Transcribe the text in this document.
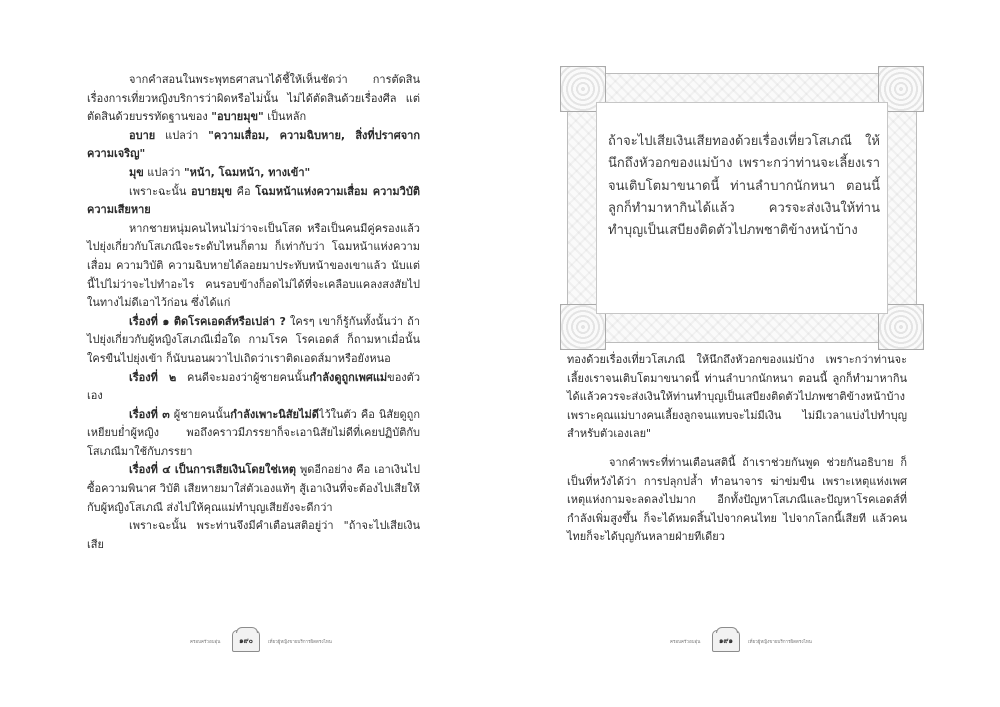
จากคำสอนในพระพุทธศาสนาได้ชี้ให้เห็นชัดว่า การตัดสินเรื่องการเที่ยวหญิงบริการว่าผิดหรือไม่นั้น ไม่ได้ตัดสินด้วยเรื่องศีล แต่ตัดสินด้วยบรรทัดฐานของ "อบายมุข" เป็นหลัก

อบาย แปลว่า "ความเสื่อม, ความฉิบหาย, สิ่งที่ปราศจากความเจริญ"

มุข แปลว่า "หน้า, โฉมหน้า, ทางเข้า"

เพราะฉะนั้น อบายมุข คือ โฉมหน้าแห่งความเสื่อม ความวิบัติ ความเสียหาย

หากชายหนุ่มคนไหนไม่ว่าจะเป็นโสด หรือเป็นคนมีคู่ครองแล้ว ไปยุ่งเกี่ยวกับโสเภณีจะระดับไหนก็ตาม ก็เท่ากับว่า โฉมหน้าแห่งความเสื่อม ความวิบัติ ความฉิบหายได้ลอยมาประทับหน้าของเขาแล้ว นับแต่นี้ไปไม่ว่าจะไปทำอะไร คนรอบข้างก็อดไม่ได้ที่จะเคลือบแคลงสงสัยไปในทางไม่ดีเอาไว้ก่อน ซึ่งได้แก่

เรื่องที่ ๑ ติดโรคเอดส์หรือเปล่า ? ใครๆ เขาก็รู้กันทั้งนั้นว่า ถ้าไปยุ่งเกี่ยวกับผู้หญิงโสเภณีเมื่อใด กามโรค โรคเอดส์ ก็ถามหาเมื่อนั้น ใครขืนไปยุ่งเข้า ก็นับนอนผวาไปเถิดว่าเราติดเอดส์มาหรือยังหนอ

เรื่องที่ ๒ คนดีจะมองว่าผู้ชายคนนั้นกำลังดูถูกเพศแม่ของตัวเอง

เรื่องที่ ๓ ผู้ชายคนนั้นกำลังเพาะนิสัยไม่ดีไว้ในตัว คือ นิสัยดูถูกเหยียบย่ำผู้หญิง พอถึงคราวมีภรรยาก็จะเอานิสัยไม่ดีที่เคยปฏิบัติกับโสเภณีมาใช้กับภรรยา

เรื่องที่ ๔ เป็นการเสียเงินโดยใช่เหตุ พูดอีกอย่าง คือ เอาเงินไปซื้อความพินาศ วิบัติ เสียหายมาใส่ตัวเองแท้ๆ สู้เอาเงินที่จะต้องไปเสียให้กับผู้หญิงโสเภณี ส่งไปให้คุณแม่ทำบุญเสียยังจะดีกว่า

เพราะฉะนั้น พระท่านจึงมีคำเตือนสติอยู่ว่า "ถ้าจะไปเสียเงินเสีย

ถ้าจะไปเสียเงินเสียทองด้วยเรื่องเที่ยวโสเภณี ให้นึกถึงหัวอกของแม่บ้าง เพราะกว่าท่านจะเลี้ยงเราจนเติบโตมาขนาดนี้ ท่านลำบากนักหนา ตอนนี้ ลูกก็ทำมาหากินได้แล้ว ควรจะส่งเงินให้ท่านทำบุญเป็นเสบียงติดตัวไปภพชาติข้างหน้าบ้าง

ทองด้วยเรื่องเที่ยวโสเภณี ให้นึกถึงหัวอกของแม่บ้าง เพราะกว่าท่านจะเลี้ยงเราจนเติบโตมาขนาดนี้ ท่านลำบากนักหนา ตอนนี้ ลูกก็ทำมาหากินได้แล้วควรจะส่งเงินให้ท่านทำบุญเป็นเสบียงติดตัวไปภพชาติข้างหน้าบ้าง เพราะคุณแม่บางคนเลี้ยงลูกจนแทบจะไม่มีเงิน ไม่มีเวลาแบ่งไปทำบุญสำหรับตัวเองเลย"

จากคำพระที่ท่านเตือนสตินี้ ถ้าเราช่วยกันพูด ช่วยกันอธิบาย ก็เป็นที่หวังได้ว่า การปลุกปล้ำ ทำอนาจาร ฆ่าข่มขืน เพราะเหตุแห่งเพศเหตุแห่งกามจะลดลงไปมาก อีกทั้งปัญหาโสเภณีและปัญหาโรคเอดส์ที่กำลังเพิ่มสูงขึ้น ก็จะได้หมดสิ้นไปจากคนไทย ไปจากโลกนี้เสียที แล้วคนไทยก็จะได้บุญกันหลายฝ่ายทีเดียว

ครอบครัวอบอุ่น	๑๙๐	เที่ยวผู้หญิงขายบริการผิดตรงไหน	ครอบครัวอบอุ่น	๑๙๑	เที่ยวผู้หญิงขายบริการผิดตรงไหน
